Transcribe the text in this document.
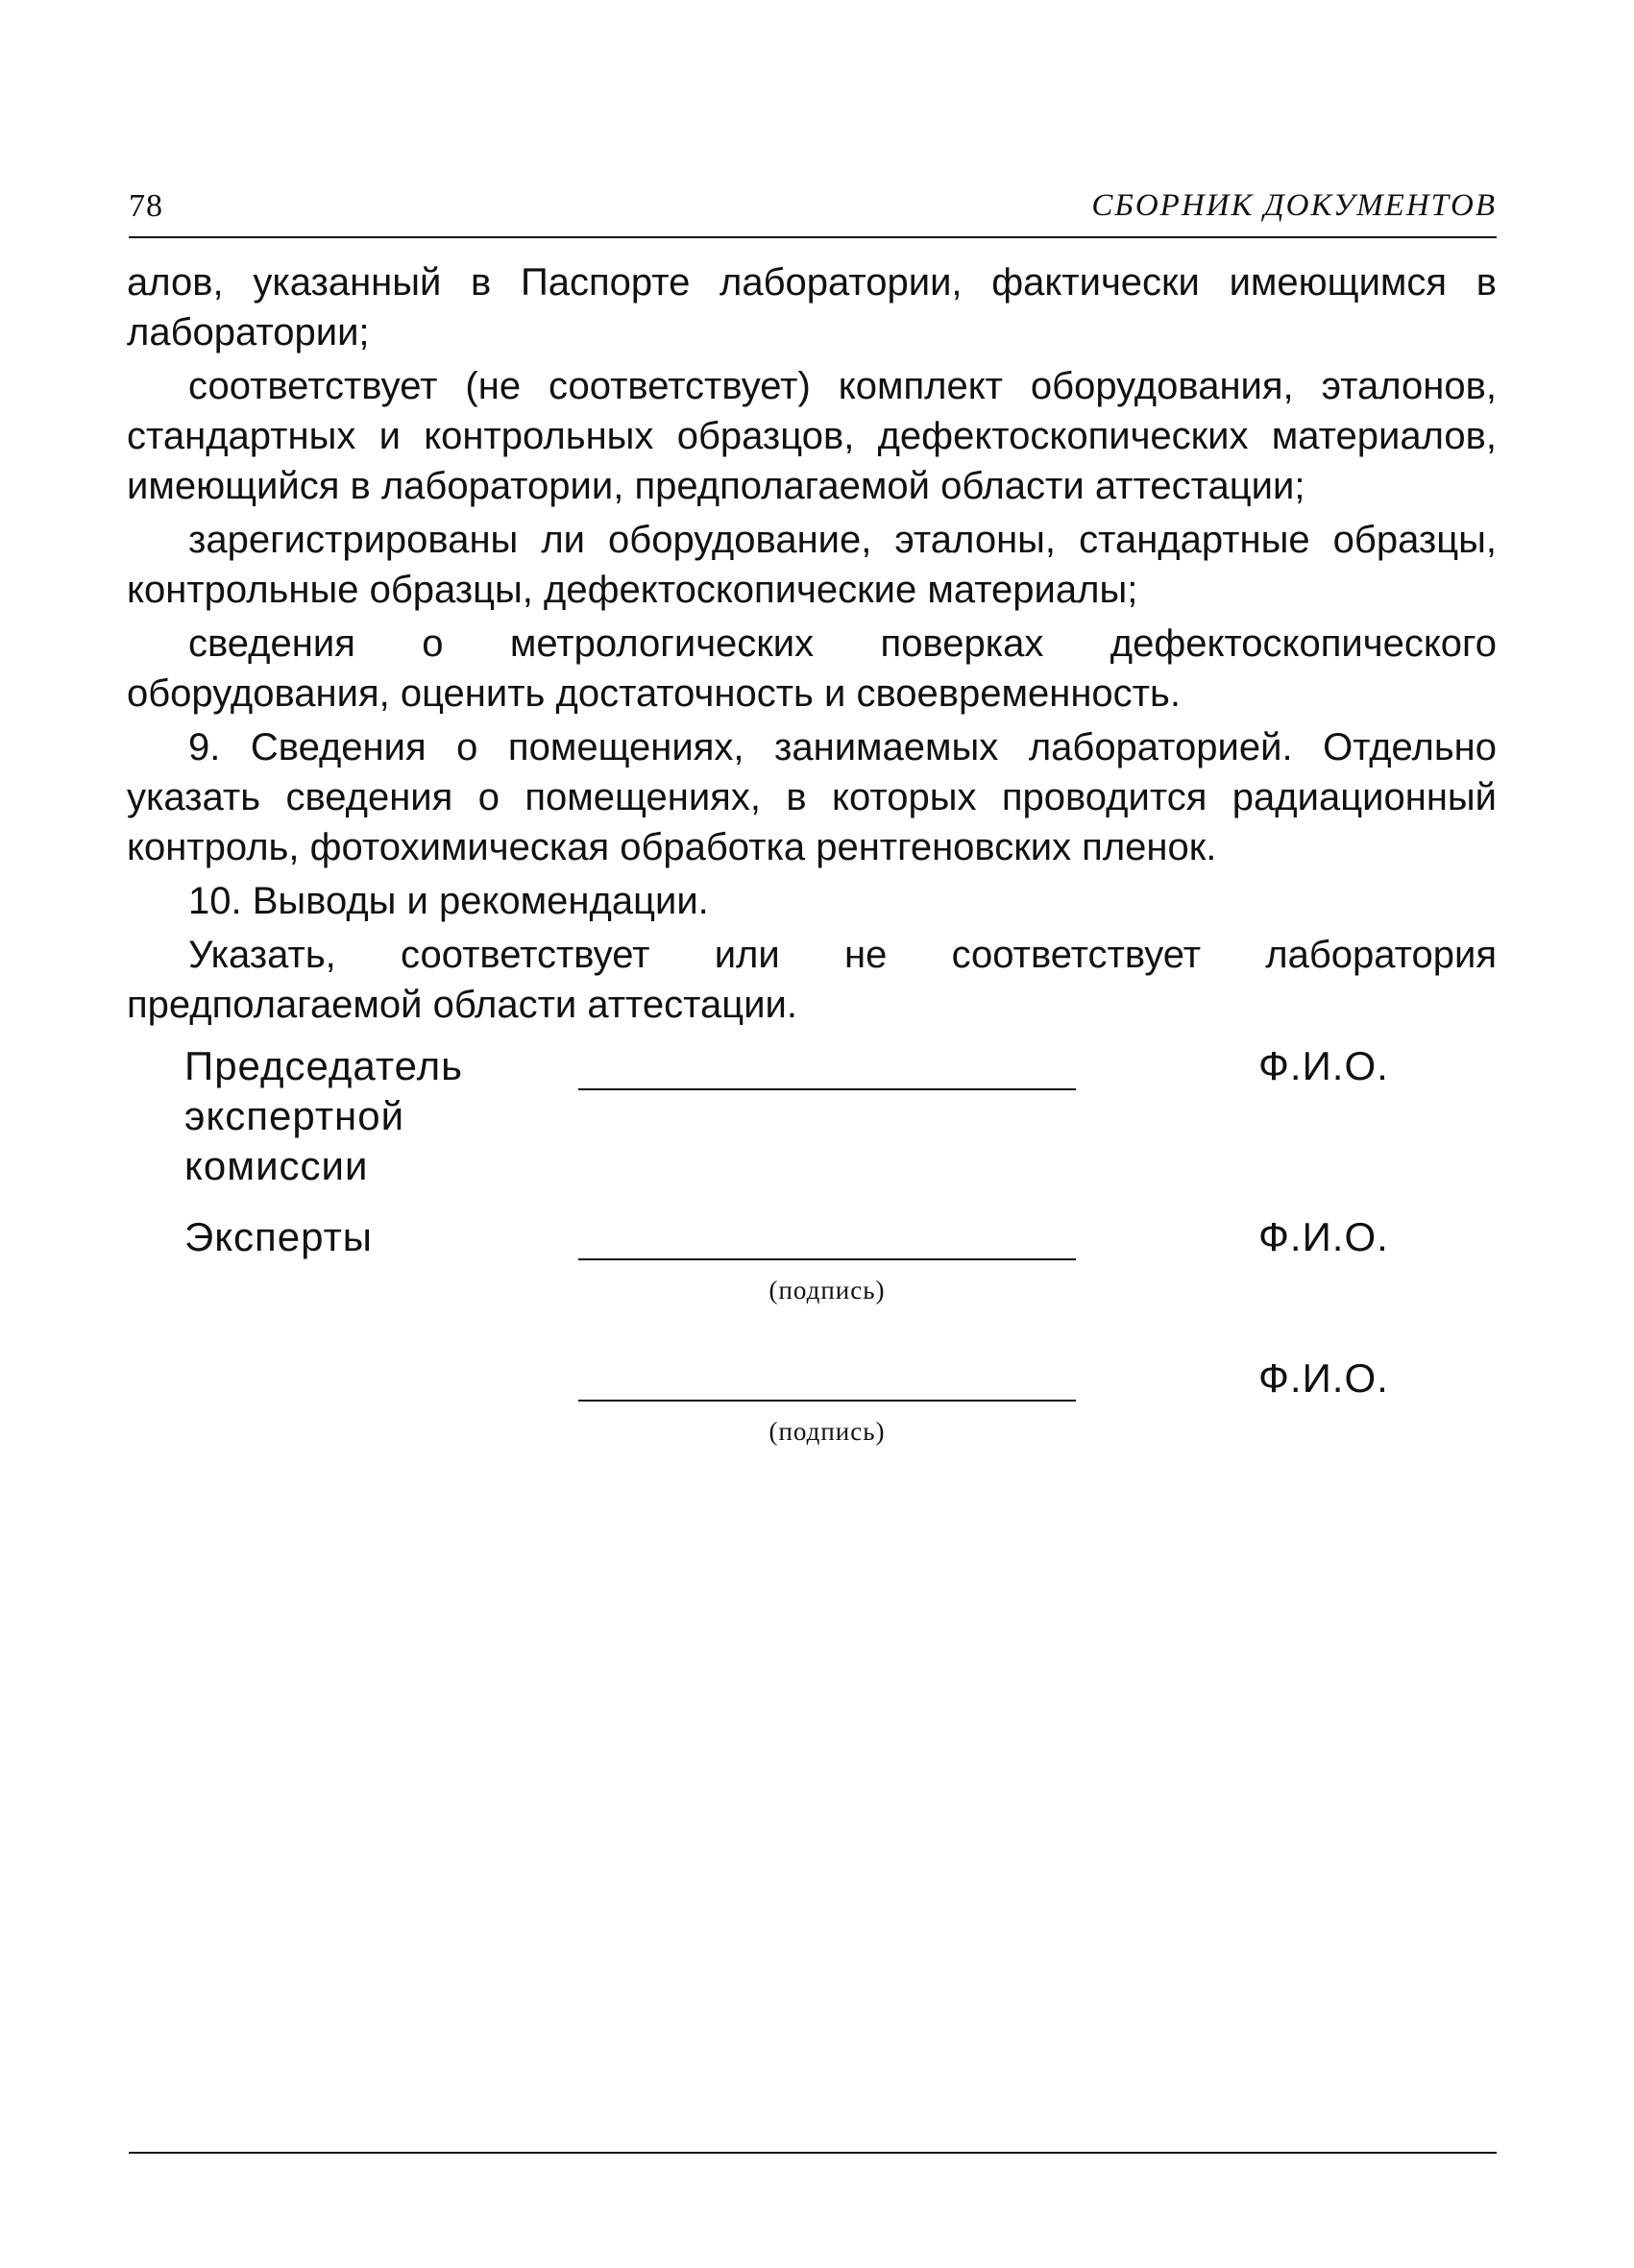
78	СБОРНИК ДОКУМЕНТОВ

алов, указанный в Паспорте лаборатории, фактически имеющимся в лаборатории;

соответствует (не соответствует) комплект оборудования, эталонов, стандартных и контрольных образцов, дефектоскопических материалов, имеющийся в лаборатории, предполагаемой области аттестации;

зарегистрированы ли оборудование, эталоны, стандартные образцы, контрольные образцы, дефектоскопические материалы;

сведения о метрологических поверках дефектоскопического оборудования, оценить достаточность и своевременность.

9. Сведения о помещениях, занимаемых лабораторией. Отдельно указать сведения о помещениях, в которых проводится радиационный контроль, фотохимическая обработка рентгеновских пленок.

10. Выводы и рекомендации.

Указать, соответствует или не соответствует лаборатория предполагаемой области аттестации.

Председатель
экспертной
комиссии
Ф.И.О.
Эксперты	Ф.И.О.
(подпись)
Ф.И.О.
(подпись)
